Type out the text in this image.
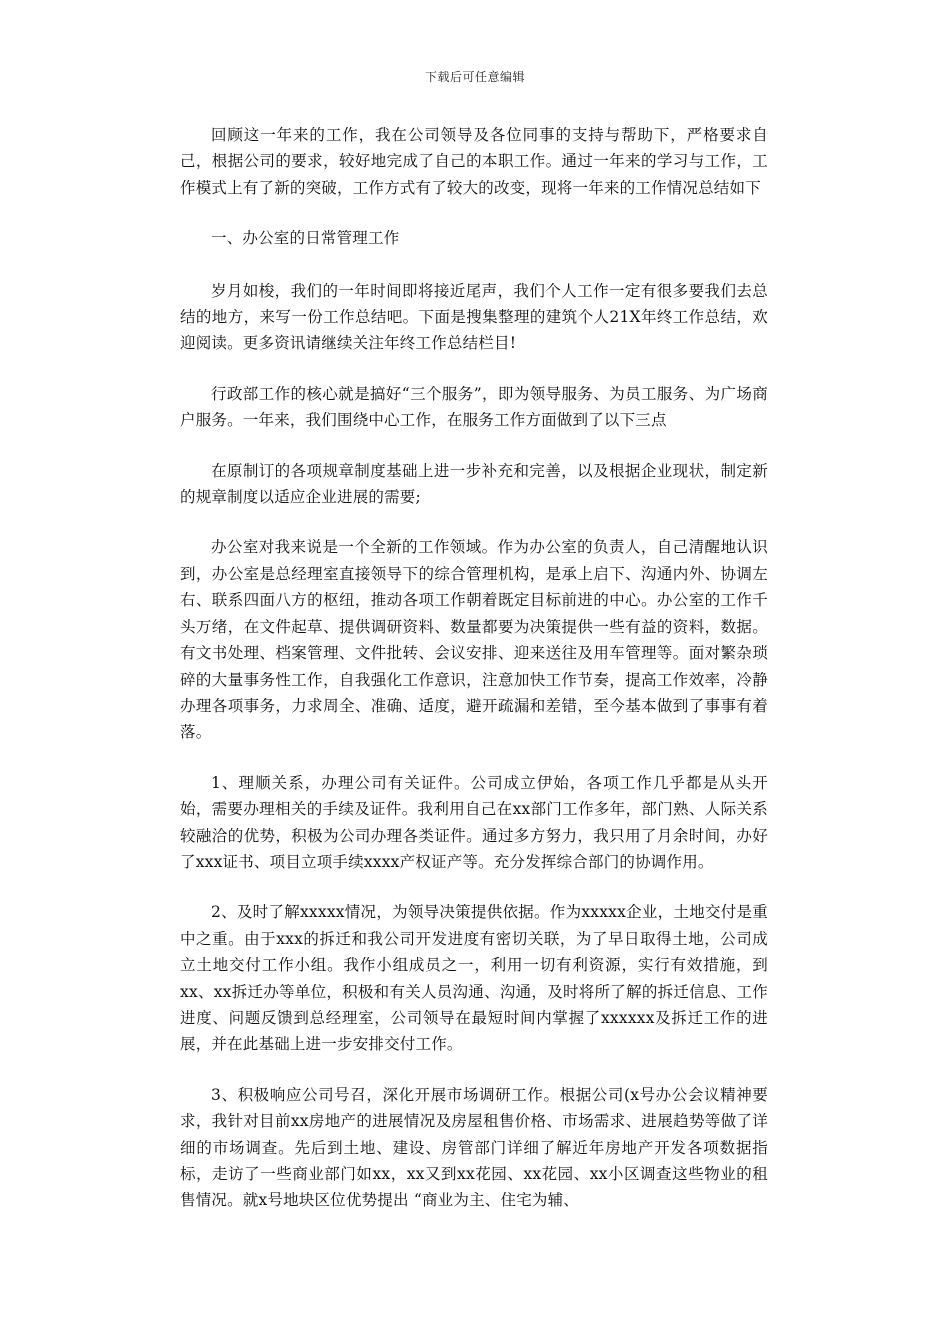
下载后可任意编辑

回顾这一年来的工作，我在公司领导及各位同事的支持与帮助下，严格要求自己，根据公司的要求，较好地完成了自己的本职工作。通过一年来的学习与工作，工作模式上有了新的突破，工作方式有了较大的改变，现将一年来的工作情况总结如下

一、办公室的日常管理工作

岁月如梭，我们的一年时间即将接近尾声，我们个人工作一定有很多要我们去总结的地方，来写一份工作总结吧。下面是搜集整理的建筑个人21X年终工作总结，欢迎阅读。更多资讯请继续关注年终工作总结栏目!

行政部工作的核心就是搞好“三个服务”，即为领导服务、为员工服务、为广场商户服务。一年来，我们围绕中心工作，在服务工作方面做到了以下三点

在原制订的各项规章制度基础上进一步补充和完善，以及根据企业现状，制定新的规章制度以适应企业进展的需要;

办公室对我来说是一个全新的工作领域。作为办公室的负责人，自己清醒地认识到，办公室是总经理室直接领导下的综合管理机构，是承上启下、沟通内外、协调左右、联系四面八方的枢纽，推动各项工作朝着既定目标前进的中心。办公室的工作千头万绪，在文件起草、提供调研资料、数量都要为决策提供一些有益的资料，数据。有文书处理、档案管理、文件批转、会议安排、迎来送往及用车管理等。面对繁杂琐碎的大量事务性工作，自我强化工作意识，注意加快工作节奏，提高工作效率，冷静办理各项事务，力求周全、准确、适度，避开疏漏和差错，至今基本做到了事事有着落。

1、理顺关系，办理公司有关证件。公司成立伊始，各项工作几乎都是从头开始，需要办理相关的手续及证件。我利用自己在xx部门工作多年，部门熟、人际关系较融洽的优势，积极为公司办理各类证件。通过多方努力，我只用了月余时间，办好了xxx证书、项目立项手续xxxx产权证产等。充分发挥综合部门的协调作用。

2、及时了解xxxxx情况，为领导决策提供依据。作为xxxxx企业，土地交付是重中之重。由于xxx的拆迁和我公司开发进度有密切关联，为了早日取得土地，公司成立土地交付工作小组。我作小组成员之一，利用一切有利资源，实行有效措施，到xx、xx拆迁办等单位，积极和有关人员沟通、沟通，及时将所了解的拆迁信息、工作进度、问题反馈到总经理室，公司领导在最短时间内掌握了xxxxxx及拆迁工作的进展，并在此基础上进一步安排交付工作。

3、积极响应公司号召，深化开展市场调研工作。根据公司(x号办公会议精神要求，我针对目前xx房地产的进展情况及房屋租售价格、市场需求、进展趋势等做了详细的市场调查。先后到土地、建设、房管部门详细了解近年房地产开发各项数据指标，走访了一些商业部门如xx，xx又到xx花园、xx花园、xx小区调查这些物业的租售情况。就x号地块区位优势提出 “商业为主、住宅为辅、
